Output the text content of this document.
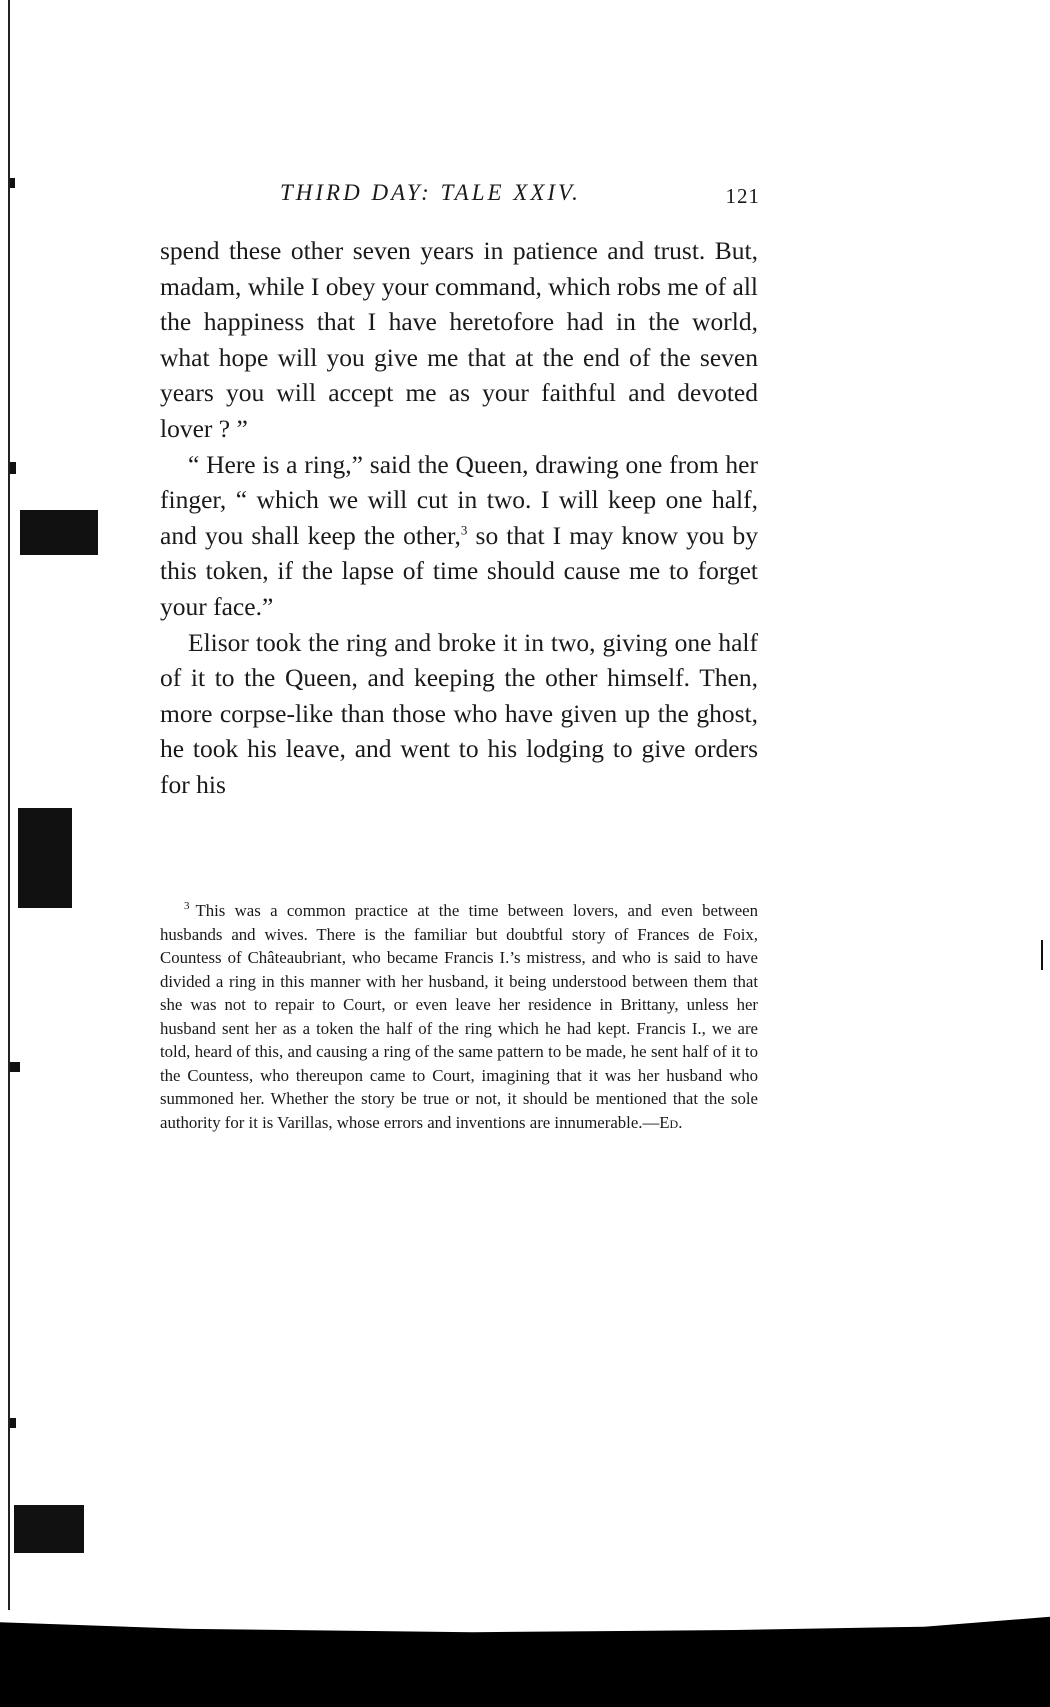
THIRD DAY: TALE XXIV.	121

spend these other seven years in patience and trust. But, madam, while I obey your command, which robs me of all the happiness that I have heretofore had in the world, what hope will you give me that at the end of the seven years you will accept me as your faithful and devoted lover ? ”

“ Here is a ring,” said the Queen, drawing one from her finger, “ which we will cut in two. I will keep one half, and you shall keep the other,$^3$ so that I may know you by this token, if the lapse of time should cause me to forget your face.”

Elisor took the ring and broke it in two, giving one half of it to the Queen, and keeping the other himself. Then, more corpse-like than those who have given up the ghost, he took his leave, and went to his lodging to give orders for his

$^3$ This was a common practice at the time between lovers, and even between husbands and wives. There is the familiar but doubtful story of Frances de Foix, Countess of Châteaubriant, who became Francis I.’s mistress, and who is said to have divided a ring in this manner with her husband, it being understood between them that she was not to repair to Court, or even leave her residence in Brittany, unless her husband sent her as a token the half of the ring which he had kept. Francis I., we are told, heard of this, and causing a ring of the same pattern to be made, he sent half of it to the Countess, who thereupon came to Court, imagining that it was her husband who summoned her. Whether the story be true or not, it should be mentioned that the sole authority for it is Varillas, whose errors and inventions are innumerable.—Ed.
